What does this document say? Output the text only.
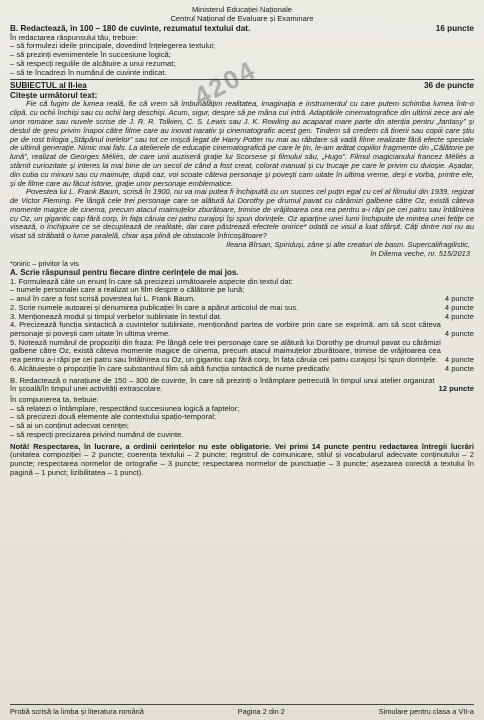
4204
Ministerul Educației Naționale
Centrul Național de Evaluare și Examinare
B. Redactează, în 100 – 180 de cuvinte, rezumatul textului dat.	16 puncte
În redactarea răspunsului tău, trebuie:
– să formulezi ideile principale, dovedind înțelegerea textului;
– să prezinți evenimentele în succesiune logică;
– să respecți regulile de alcătuire a unui rezumat;
– să te încadrezi în numărul de cuvinte indicat.
SUBIECTUL al II-lea	36 de puncte
Citește următorul text:
Fie că fugim de lumea reală, fie că vrem să îmbunătățim realitatea, imaginația e instrumentul cu care putem schimba lumea într-o clipă, cu ochii închiși sau cu ochii larg deschiși. Acum, sigur, despre să pe mâna cui intră. Adaptările cinematografice din ultimii zece ani ale unor romane sau nuvele scrise de J. R. R. Tolkien, C. S. Lewis sau J. K. Rowling au acaparat mare parte din atenția pentru „fantasy” și destul de greu privim înapoi către filme care au inovat narativ și cinematografic acest gen. Tindem să credem că tinerii sau copiii care știu pe de rost trilogia „Stăpânul inelelor” sau tot ce mișcă legat de Harry Potter nu mai au răbdare să vadă filme realizate fără efecte speciale de ultimă generație. Nimic mai fals. La atelierele de educație cinematografică pe care le țin, le-am arătat copiilor fragmente din „Călătorie pe lună”, realizat de Georges Méliès, de care unii auziseră grație lui Scorsese și filmului său, „Hugo”. Filmul magicianului francez Méliès a stârnit curiozitate și interes la mai bine de un secol de când a fost creat, colorat manual și cu trucaje pe care le privim cu duioșie. Așadar, din cutia cu minuni sau cu maimuțe, după caz, voi scoate câteva personaje și povești cam uitate în ultima vreme, deși e vorba, printre ele, și de filme care au făcut istorie, grație unor personaje emblematice.
Povestea lui L. Frank Baum, scrisă în 1900, nu va mai putea fi închipuită cu un succes cel puțin egal cu cel al filmului din 1939, regizat de Victor Fleming. Pe lângă cele trei personaje care se alătură lui Dorothy pe drumul pavat cu cărămizi galbene către Oz, există câteva momente magice de cinema, precum atacul maimuțelor zburătoare, trimise de vrăjitoarea cea rea pentru a-i răpi pe cei patru sau întâlnirea cu Oz, un gigantic cap fără corp, în fața căruia cei patru curajoși își spun dorințele. Oz aparține unei lumi închipuite de mintea unei fetițe ce visează, o închipuire ce se decuplează de realitate, dar care păstrează efectele onirice* odată ce visul a luat sfârșit. Câți dintre noi nu au visat să străbată o lume paralelă, chiar așa plină de obstacole înfricoșătoare?
Ileana Bîrsan, Spiriduși, zâne și alte creaturi de basm. Supercalifragilistic,
în Dilema veche, nr. 515/2013
*oniric – privitor la vis
A. Scrie răspunsul pentru fiecare dintre cerințele de mai jos.
1. Formulează câte un enunț în care să precizezi următoarele aspecte din textul dat:
– numele personalei care a realizat un film despre o călătorie pe lună;
– anul în care a fost scrisă povestea lui L. Frank Baum.	4 puncte
2. Scrie numele autoarei și denumirea publicației în care a apărut articolul de mai sus.	4 puncte
3. Menționează modul și timpul verbelor subliniate în textul dat.	4 puncte
4. Precizează funcția sintactică a cuvintelor subliniate, menționând partea de vorbire prin care se exprimă: am să scot câteva personaje și povești cam uitate în ultima vreme.	4 puncte
5. Notează numărul de propoziții din fraza: Pe lângă cele trei personaje care se alătură lui Dorothy pe drumul pavat cu cărămizi galbene către Oz, există câteva momente magice de cinema, precum atacul maimuțelor zburătoare, trimise de vrăjitoarea cea rea pentru a-i răpi pe cei patru sau întâlnirea cu Oz, un gigantic cap fără corp, în fața căruia cei patru curajoși își spun dorințele. 4 puncte
6. Alcătuiește o propoziție în care substantivul film să aibă funcția sintactică de nume predicativ.	4 puncte
B. Redactează o narațiune de 150 – 300 de cuvinte, în care să prezinți o întâmplare petrecută în timpul unui atelier organizat în școală/în timpul unei activități extrașcolare.	12 puncte
În compunerea ta, trebuie:
– să relatezi o întâmplare, respectând succesiunea logică a faptelor;
– să precizezi două elemente ale contextului spațio-temporal;
– să ai un conținut adecvat cerinței;
– să respecți precizarea privind numărul de cuvinte.
Notă! Respectarea, în lucrare, a ordinii cerințelor nu este obligatorie. Vei primi 14 puncte pentru redactarea întregii lucrări (unitatea compoziției – 2 puncte; coerența textului – 2 puncte; registrul de comunicare, stilul și vocabularul adecvate conținutului – 2 puncte; respectarea normelor de ortografie – 3 puncte; respectarea normelor de punctuație – 3 puncte; așezarea corectă a textului în pagină – 1 punct; lizibilitatea – 1 punct).
Probă scrisă la limba și literatura română	Pagina 2 din 2	Simulare pentru clasa a VII-a
